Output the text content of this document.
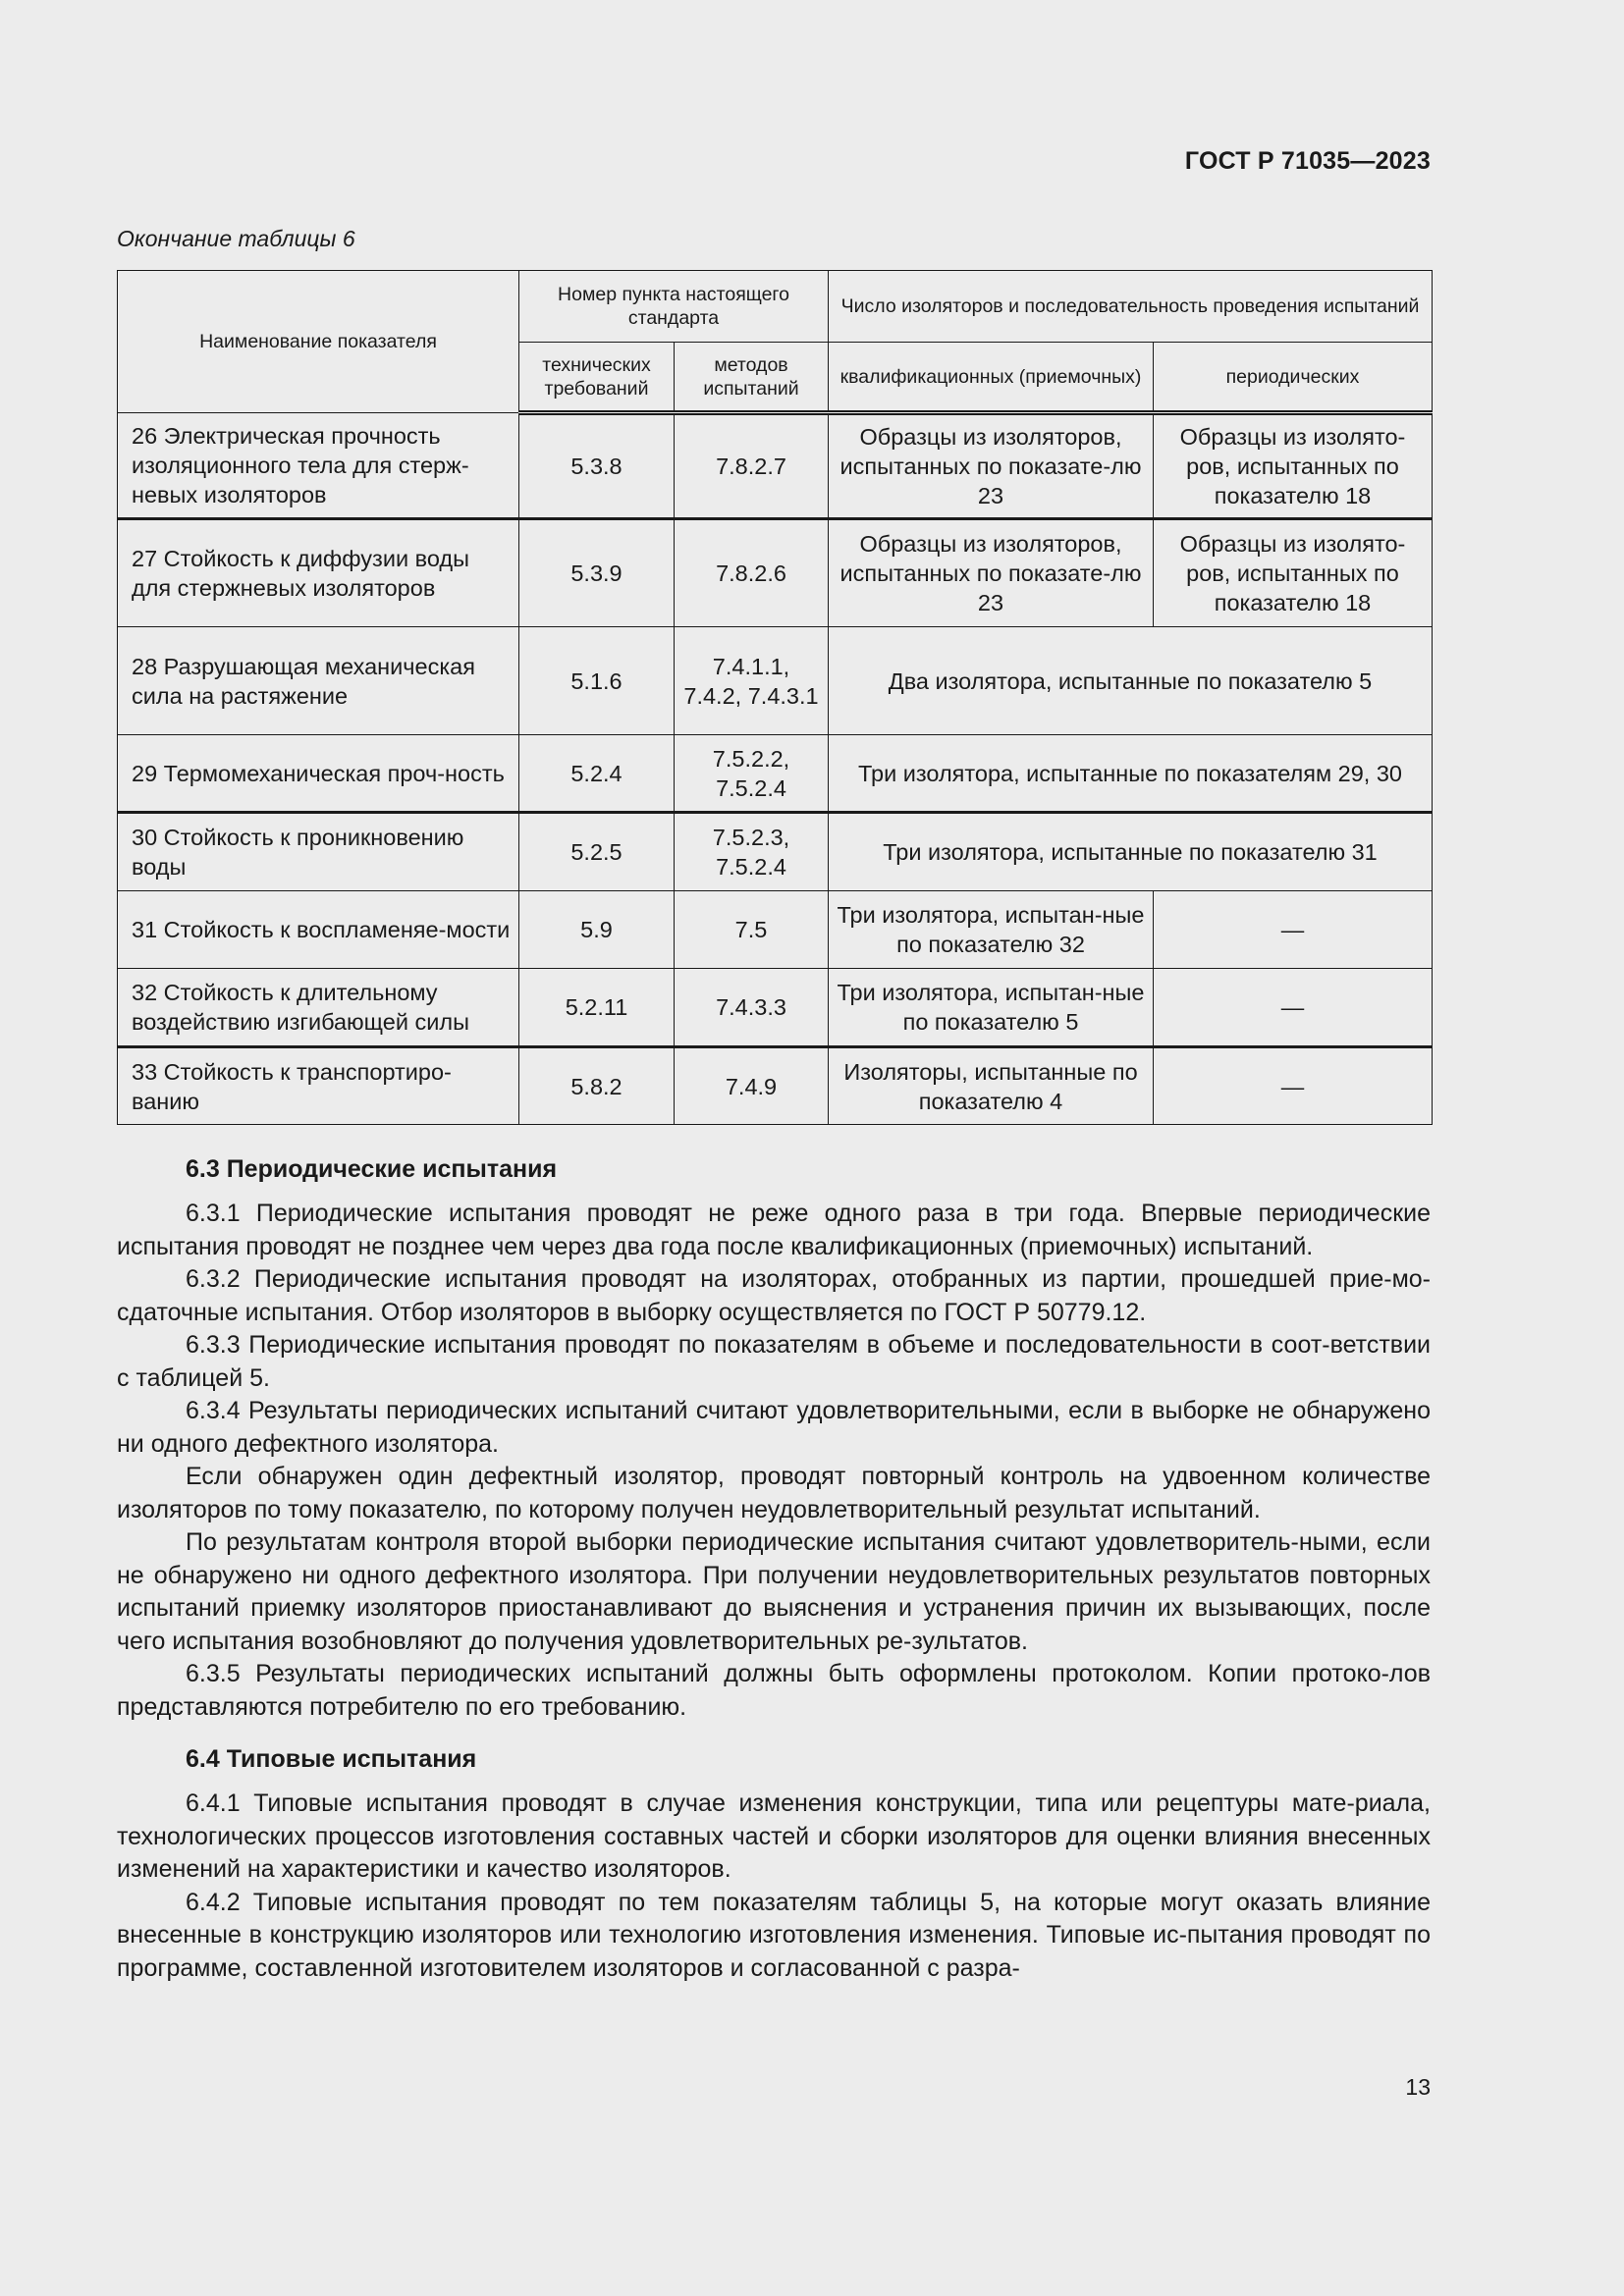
ГОСТ Р 71035—2023
Окончание таблицы 6
Наименование показателя	Номер пункта настоящего стандарта		Число изоляторов и последовательность проведения испытаний	
	технических требований	методов испытаний	квалификационных (приемочных)	периодических
26 Электрическая прочность изоляционного тела для стерж-невых изоляторов	5.3.8	7.8.2.7	Образцы из изоляторов, испытанных по показате-лю 23	Образцы из изолято-ров, испытанных по показателю 18
27 Стойкость к диффузии воды для стержневых изоляторов	5.3.9	7.8.2.6	Образцы из изоляторов, испытанных по показате-лю 23	Образцы из изолято-ров, испытанных по показателю 18
28 Разрушающая механическая сила на растяжение	5.1.6	7.4.1.1, 7.4.2, 7.4.3.1	Два изолятора, испытанные по показателю 5	
29 Термомеханическая проч-ность	5.2.4	7.5.2.2, 7.5.2.4	Три изолятора, испытанные по показателям 29, 30	
30 Стойкость к проникновению воды	5.2.5	7.5.2.3, 7.5.2.4	Три изолятора, испытанные по показателю 31	
31 Стойкость к воспламеняе-мости	5.9	7.5	Три изолятора, испытан-ные по показателю 32	—
32 Стойкость к длительному воздействию изгибающей силы	5.2.11	7.4.3.3	Три изолятора, испытан-ные по показателю 5	—
33 Стойкость к транспортиро-ванию	5.8.2	7.4.9	Изоляторы, испытанные по показателю 4	—
6.3 Периодические испытания

6.3.1 Периодические испытания проводят не реже одного раза в три года. Впервые периодические испытания проводят не позднее чем через два года после квалификационных (приемочных) испытаний.

6.3.2 Периодические испытания проводят на изоляторах, отобранных из партии, прошедшей прие-мо-сдаточные испытания. Отбор изоляторов в выборку осуществляется по ГОСТ Р 50779.12.

6.3.3 Периодические испытания проводят по показателям в объеме и последовательности в соот-ветствии с таблицей 5.

6.3.4 Результаты периодических испытаний считают удовлетворительными, если в выборке не обнаружено ни одного дефектного изолятора.

Если обнаружен один дефектный изолятор, проводят повторный контроль на удвоенном количестве изоляторов по тому показателю, по которому получен неудовлетворительный результат испытаний.

По результатам контроля второй выборки периодические испытания считают удовлетворитель-ными, если не обнаружено ни одного дефектного изолятора. При получении неудовлетворительных результатов повторных испытаний приемку изоляторов приостанавливают до выяснения и устранения причин их вызывающих, после чего испытания возобновляют до получения удовлетворительных ре-зультатов.

6.3.5 Результаты периодических испытаний должны быть оформлены протоколом. Копии протоко-лов представляются потребителю по его требованию.

6.4 Типовые испытания

6.4.1 Типовые испытания проводят в случае изменения конструкции, типа или рецептуры мате-риала, технологических процессов изготовления составных частей и сборки изоляторов для оценки влияния внесенных изменений на характеристики и качество изоляторов.

6.4.2 Типовые испытания проводят по тем показателям таблицы 5, на которые могут оказать влияние внесенные в конструкцию изоляторов или технологию изготовления изменения. Типовые ис-пытания проводят по программе, составленной изготовителем изоляторов и согласованной с разра-

13
